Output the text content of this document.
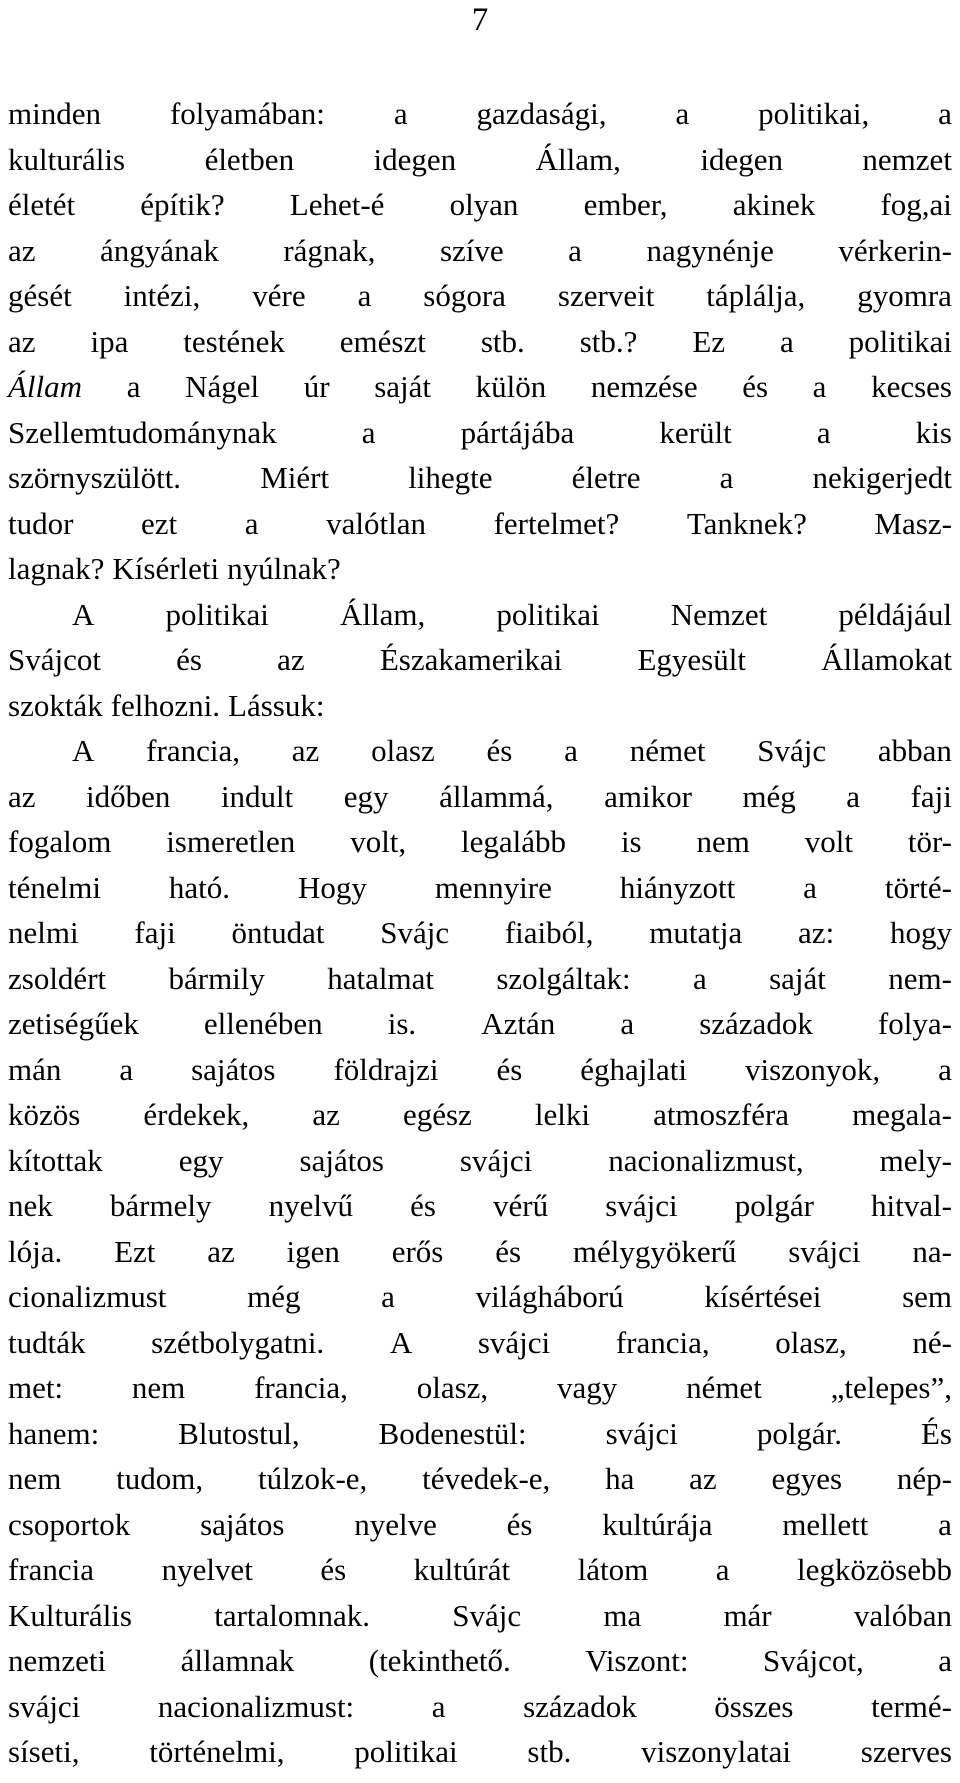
7
minden folyamában: a gazdasági, a politikai, a
kulturális	életben	idegen	Állam,	idegen	nemzet
életét építik? Lehet-é olyan ember, akinek fog,ai
az ángyának rágnak, szíve a nagynénje vérkerin-
gését intézi, vére a sógora szerveit táplálja, gyomra
az ipa testének emészt stb. stb.? Ez a politikai
Állam a Nágel úr saját külön nemzése és a kecses
Szellemtudománynak	a	pártájába	került	a	kis
szörnyszülött.	Miért	lihegte	életre	a	nekigerjedt
tudor ezt a valótlan fertelmet? Tanknek? Masz-
lagnak? Kísérleti nyúlnak?
A politikai Állam, politikai Nemzet példájául
Svájcot és az Északamerikai Egyesült Államokat
szokták felhozni. Lássuk:
A francia, az olasz és a német Svájc abban
az időben indult egy állammá, amikor még a faji
fogalom ismeretlen volt, legalább is nem volt tör-
ténelmi ható. Hogy mennyire hiányzott a törté-
nelmi faji öntudat Svájc fiaiból, mutatja az: hogy
zsoldért bármily hatalmat szolgáltak: a saját nem-
zetiségűek ellenében is. Aztán a századok folya-
mán a sajátos földrajzi és éghajlati viszonyok, a
közös érdekek, az egész lelki atmoszféra megala-
kítottak egy sajátos svájci nacionalizmust, mely-
nek bármely nyelvű és vérű svájci polgár hitval-
lója. Ezt az igen erős és mélygyökerű svájci na-
cionalizmust	még	a	világháború	kísértései	sem
tudták szétbolygatni. A svájci francia, olasz, né-
met: nem francia, olasz, vagy német „telepes”,
hanem:	Blutostul,	Bodenestül:	svájci	polgár.	És
nem tudom, túlzok-e, tévedek-e, ha az egyes nép-
csoportok sajátos nyelve és kultúrája mellett a
francia nyelvet és kultúrát látom a legközösebb
Kulturális	tartalomnak.	Svájc	ma	már	valóban
nemzeti államnak (tekinthető. Viszont: Svájcot, a
svájci	nacionalizmust:	a	századok	összes	termé-
síseti, történelmi, politikai stb. viszonylatai szerves
